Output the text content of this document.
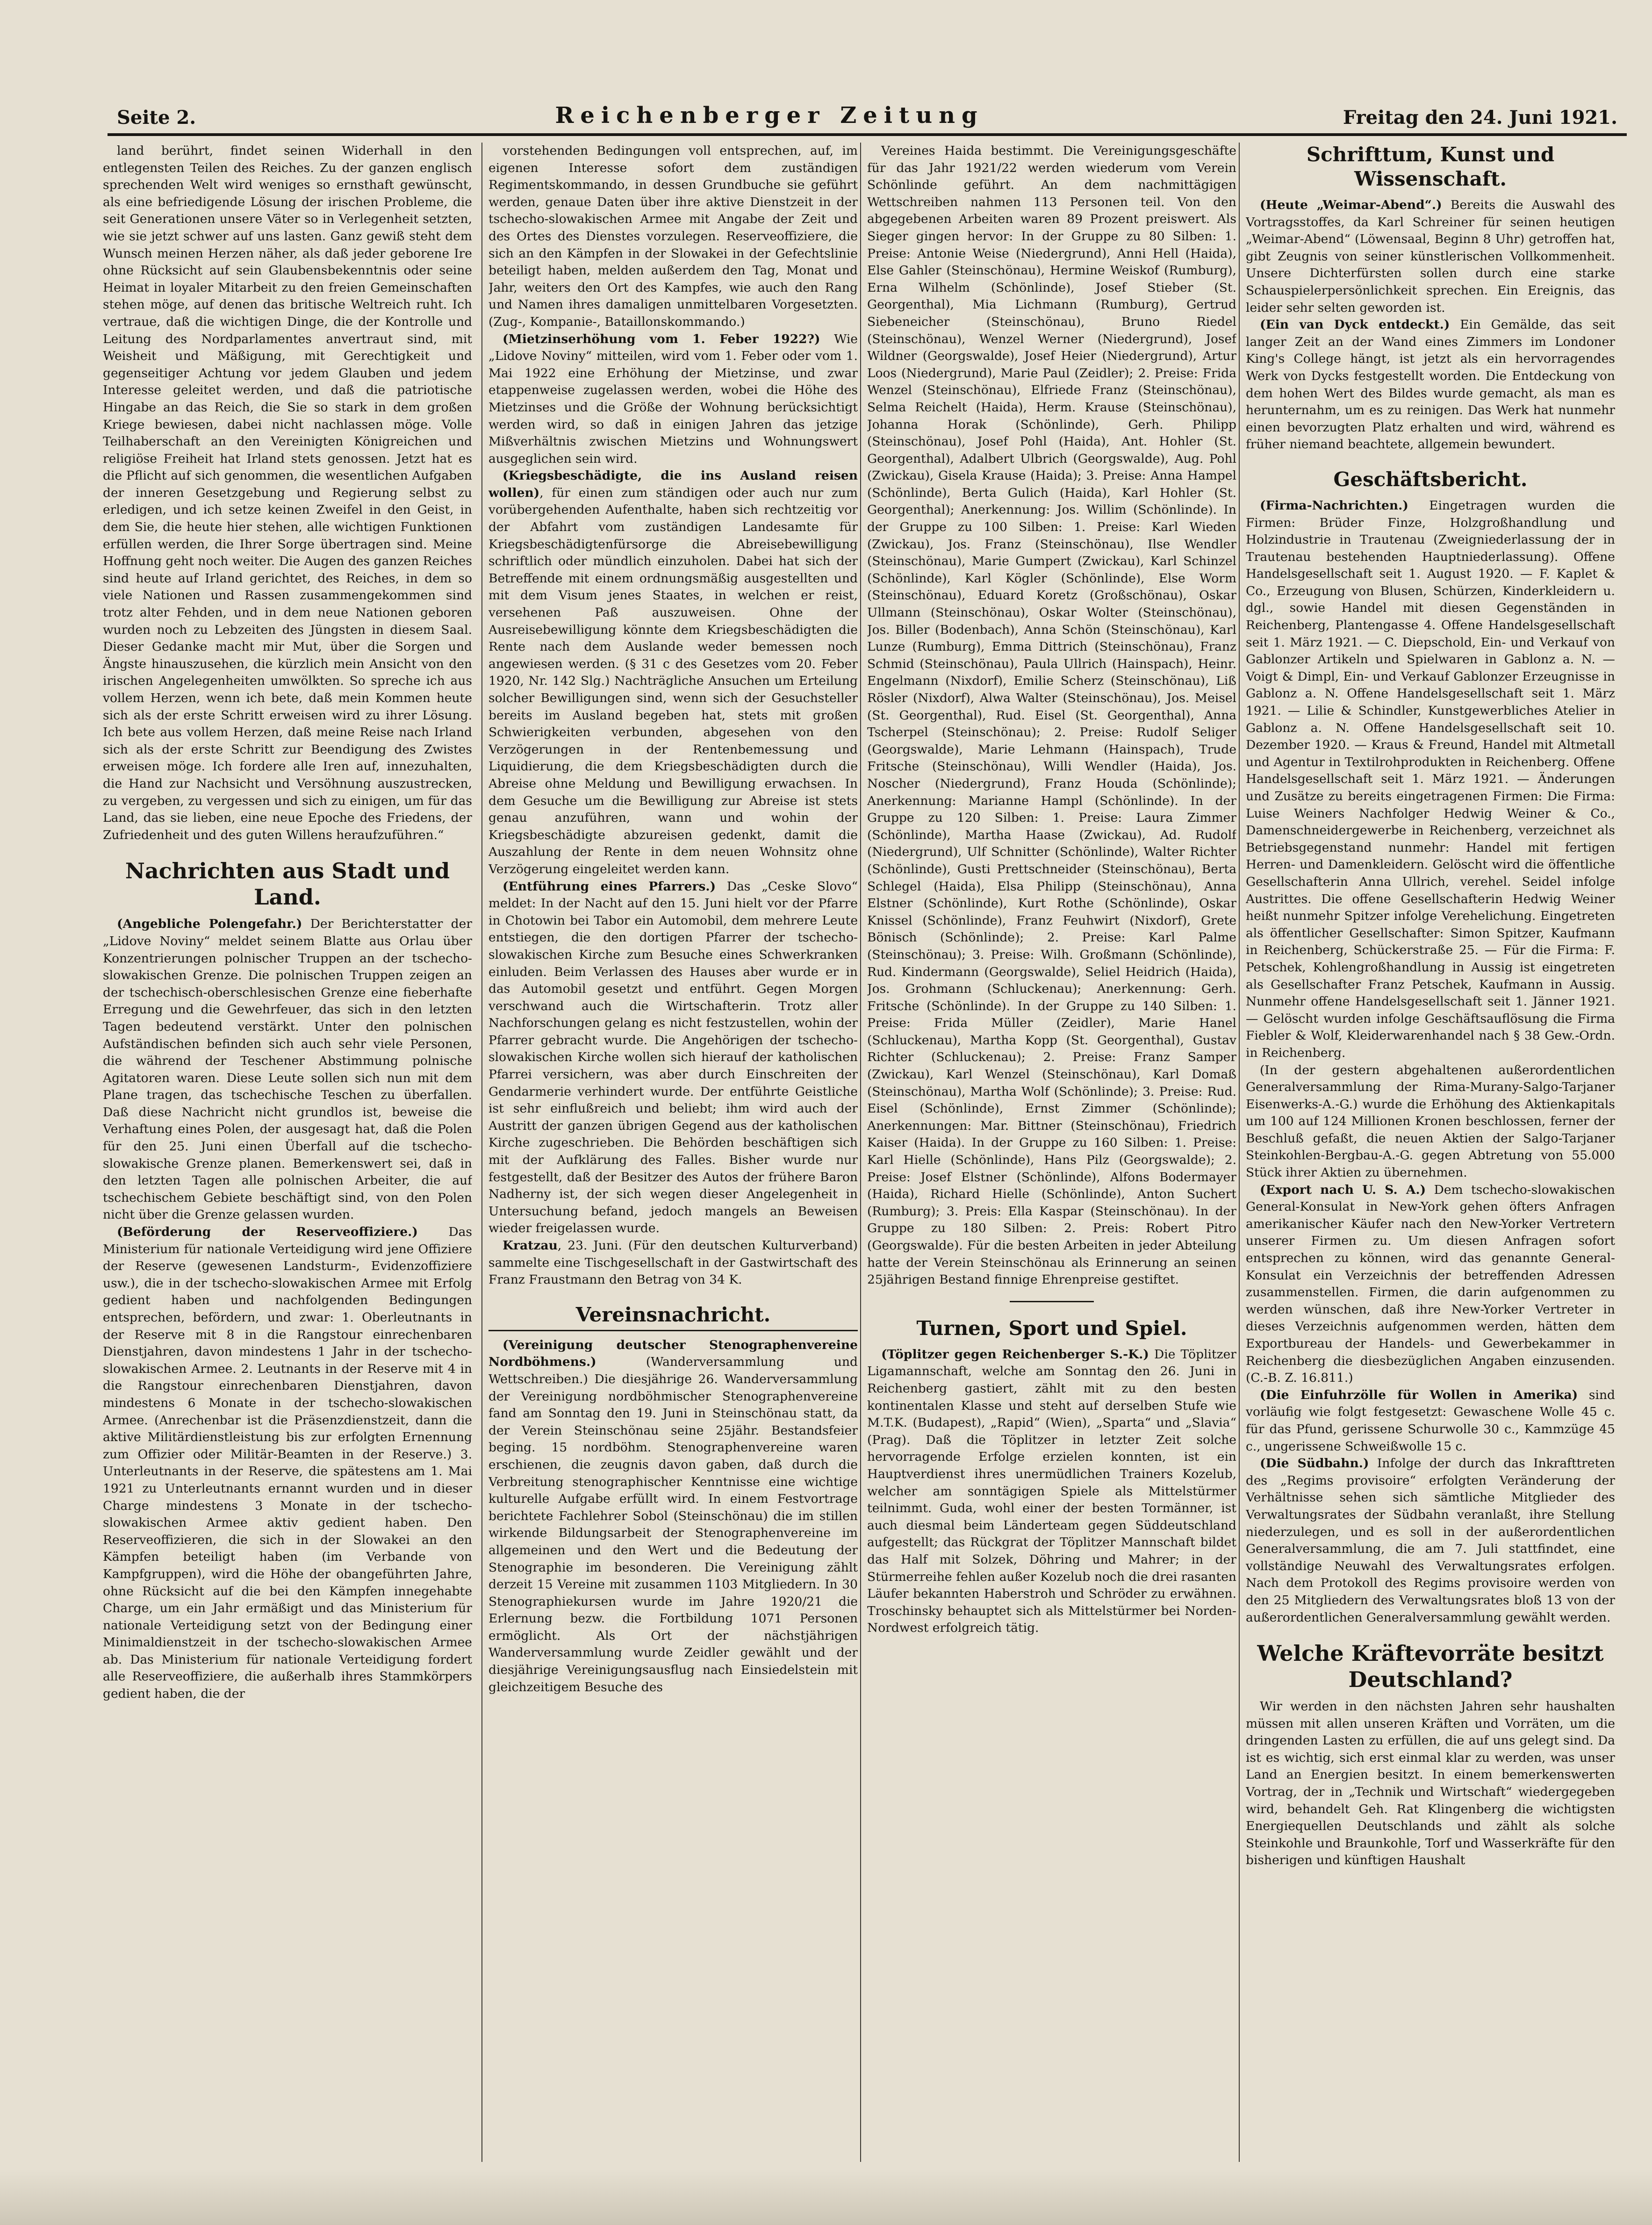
Seite 2.	Reichenberger Zeitung	Freitag den 24. Juni 1921.

land berührt, findet seinen Widerhall in den entlegensten Teilen des Reiches. Zu der ganzen englisch sprechenden Welt wird weniges so ernsthaft gewünscht, als eine befriedigende Lösung der irischen Probleme, die seit Generationen unsere Väter so in Verlegenheit setzten, wie sie jetzt schwer auf uns lasten. Ganz gewiß steht dem Wunsch meinen Herzen näher, als daß jeder geborene Ire ohne Rücksicht auf sein Glaubensbekenntnis oder seine Heimat in loyaler Mitarbeit zu den freien Gemeinschaften stehen möge, auf denen das britische Weltreich ruht. Ich vertraue, daß die wichtigen Dinge, die der Kontrolle und Leitung des Nordparlamentes anvertraut sind, mit Weisheit und Mäßigung, mit Gerechtigkeit und gegenseitiger Achtung vor jedem Glauben und jedem Interesse geleitet werden, und daß die patriotische Hingabe an das Reich, die Sie so stark in dem großen Kriege bewiesen, dabei nicht nachlassen möge. Volle Teilhaberschaft an den Vereinigten Königreichen und religiöse Freiheit hat Irland stets genossen. Jetzt hat es die Pflicht auf sich genommen, die wesentlichen Aufgaben der inneren Gesetzgebung und Regierung selbst zu erledigen, und ich setze keinen Zweifel in den Geist, in dem Sie, die heute hier stehen, alle wichtigen Funktionen erfüllen werden, die Ihrer Sorge übertragen sind. Meine Hoffnung geht noch weiter. Die Augen des ganzen Reiches sind heute auf Irland gerichtet, des Reiches, in dem so viele Nationen und Rassen zusammengekommen sind trotz alter Fehden, und in dem neue Nationen geboren wurden noch zu Lebzeiten des Jüngsten in diesem Saal. Dieser Gedanke macht mir Mut, über die Sorgen und Ängste hinauszusehen, die kürzlich mein Ansicht von den irischen Angelegenheiten umwölkten. So spreche ich aus vollem Herzen, wenn ich bete, daß mein Kommen heute sich als der erste Schritt erweisen wird zu ihrer Lösung. Ich bete aus vollem Herzen, daß meine Reise nach Irland sich als der erste Schritt zur Beendigung des Zwistes erweisen möge. Ich fordere alle Iren auf, innezuhalten, die Hand zur Nachsicht und Versöhnung auszustrecken, zu vergeben, zu vergessen und sich zu einigen, um für das Land, das sie lieben, eine neue Epoche des Friedens, der Zufriedenheit und des guten Willens heraufzuführen.“

Nachrichten aus Stadt und Land.

(Angebliche Polengefahr.) Der Berichterstatter der „Lidove Noviny“ meldet seinem Blatte aus Orlau über Konzentrierungen polnischer Truppen an der tschecho-slowakischen Grenze. Die polnischen Truppen zeigen an der tschechisch-oberschlesischen Grenze eine fieberhafte Erregung und die Gewehrfeuer, das sich in den letzten Tagen bedeutend verstärkt. Unter den polnischen Aufständischen befinden sich auch sehr viele Personen, die während der Teschener Abstimmung polnische Agitatoren waren. Diese Leute sollen sich nun mit dem Plane tragen, das tschechische Teschen zu überfallen. Daß diese Nachricht nicht grundlos ist, beweise die Verhaftung eines Polen, der ausgesagt hat, daß die Polen für den 25. Juni einen Überfall auf die tschecho-slowakische Grenze planen. Bemerkenswert sei, daß in den letzten Tagen alle polnischen Arbeiter, die auf tschechischem Gebiete beschäftigt sind, von den Polen nicht über die Grenze gelassen wurden.

(Beförderung der Reserveoffiziere.) Das Ministerium für nationale Verteidigung wird jene Offiziere der Reserve (gewesenen Landsturm-, Evidenzoffiziere usw.), die in der tschecho-slowakischen Armee mit Erfolg gedient haben und nachfolgenden Bedingungen entsprechen, befördern, und zwar: 1. Oberleutnants in der Reserve mit 8 in die Rangstour einrechenbaren Dienstjahren, davon mindestens 1 Jahr in der tschecho-slowakischen Armee. 2. Leutnants in der Reserve mit 4 in die Rangstour einrechenbaren Dienstjahren, davon mindestens 6 Monate in der tschecho-slowakischen Armee. (Anrechenbar ist die Präsenzdienstzeit, dann die aktive Militärdienstleistung bis zur erfolgten Ernennung zum Offizier oder Militär-Beamten in der Reserve.) 3. Unterleutnants in der Reserve, die spätestens am 1. Mai 1921 zu Unterleutnants ernannt wurden und in dieser Charge mindestens 3 Monate in der tschecho-slowakischen Armee aktiv gedient haben. Den Reserveoffizieren, die sich in der Slowakei an den Kämpfen beteiligt haben (im Verbande von Kampfgruppen), wird die Höhe der obangeführten Jahre, ohne Rücksicht auf die bei den Kämpfen innegehabte Charge, um ein Jahr ermäßigt und das Ministerium für nationale Verteidigung setzt von der Bedingung einer Minimaldienstzeit in der tschecho-slowakischen Armee ab. Das Ministerium für nationale Verteidigung fordert alle Reserveoffiziere, die außerhalb ihres Stammkörpers gedient haben, die der

vorstehenden Bedingungen voll entsprechen, auf, im eigenen Interesse sofort dem zuständigen Regimentskommando, in dessen Grundbuche sie geführt werden, genaue Daten über ihre aktive Dienstzeit in der tschecho-slowakischen Armee mit Angabe der Zeit und des Ortes des Dienstes vorzulegen. Reserveoffiziere, die sich an den Kämpfen in der Slowakei in der Gefechtslinie beteiligt haben, melden außerdem den Tag, Monat und Jahr, weiters den Ort des Kampfes, wie auch den Rang und Namen ihres damaligen unmittelbaren Vorgesetzten. (Zug-, Kompanie-, Bataillonskommando.)

(Mietzinserhöhung vom 1. Feber 1922?) Wie „Lidove Noviny“ mitteilen, wird vom 1. Feber oder vom 1. Mai 1922 eine Erhöhung der Mietzinse, und zwar etappenweise zugelassen werden, wobei die Höhe des Mietzinses und die Größe der Wohnung berücksichtigt werden wird, so daß in einigen Jahren das jetzige Mißverhältnis zwischen Mietzins und Wohnungswert ausgeglichen sein wird.

(Kriegsbeschädigte, die ins Ausland reisen wollen), für einen zum ständigen oder auch nur zum vorübergehenden Aufenthalte, haben sich rechtzeitig vor der Abfahrt vom zuständigen Landesamte für Kriegsbeschädigtenfürsorge die Abreisebewilligung schriftlich oder mündlich einzuholen. Dabei hat sich der Betreffende mit einem ordnungsmäßig ausgestellten und mit dem Visum jenes Staates, in welchen er reist, versehenen Paß auszuweisen. Ohne der Ausreisebewilligung könnte dem Kriegsbeschädigten die Rente nach dem Auslande weder bemessen noch angewiesen werden. (§ 31 c des Gesetzes vom 20. Feber 1920, Nr. 142 Slg.) Nachträgliche Ansuchen um Erteilung solcher Bewilligungen sind, wenn sich der Gesuchsteller bereits im Ausland begeben hat, stets mit großen Schwierigkeiten verbunden, abgesehen von den Verzögerungen in der Rentenbemessung und Liquidierung, die dem Kriegsbeschädigten durch die Abreise ohne Meldung und Bewilligung erwachsen. In dem Gesuche um die Bewilligung zur Abreise ist stets genau anzuführen, wann und wohin der Kriegsbeschädigte abzureisen gedenkt, damit die Auszahlung der Rente in dem neuen Wohnsitz ohne Verzögerung eingeleitet werden kann.

(Entführung eines Pfarrers.) Das „Ceske Slovo“ meldet: In der Nacht auf den 15. Juni hielt vor der Pfarre in Chotowin bei Tabor ein Automobil, dem mehrere Leute entstiegen, die den dortigen Pfarrer der tschecho-slowakischen Kirche zum Besuche eines Schwerkranken einluden. Beim Verlassen des Hauses aber wurde er in das Automobil gesetzt und entführt. Gegen Morgen verschwand auch die Wirtschafterin. Trotz aller Nachforschungen gelang es nicht festzustellen, wohin der Pfarrer gebracht wurde. Die Angehörigen der tschecho-slowakischen Kirche wollen sich hierauf der katholischen Pfarrei versichern, was aber durch Einschreiten der Gendarmerie verhindert wurde. Der entführte Geistliche ist sehr einflußreich und beliebt; ihm wird auch der Austritt der ganzen übrigen Gegend aus der katholischen Kirche zugeschrieben. Die Behörden beschäftigen sich mit der Aufklärung des Falles. Bisher wurde nur festgestellt, daß der Besitzer des Autos der frühere Baron Nadherny ist, der sich wegen dieser Angelegenheit in Untersuchung befand, jedoch mangels an Beweisen wieder freigelassen wurde.

Kratzau, 23. Juni. (Für den deutschen Kulturverband) sammelte eine Tischgesellschaft in der Gastwirtschaft des Franz Fraustmann den Betrag von 34 K.

Vereinsnachricht.

(Vereinigung deutscher Stenographenvereine Nordböhmens.)	(Wanderversammlung und Wettschreiben.) Die diesjährige 26. Wanderversammlung der Vereinigung nordböhmischer Stenographenvereine fand am Sonntag den 19. Juni in Steinschönau statt, da der Verein Steinschönau seine 25jähr. Bestandsfeier beging. 15 nordböhm. Stenographenvereine waren erschienen, die zeugnis davon gaben, daß durch die Verbreitung stenographischer Kenntnisse eine wichtige kulturelle Aufgabe erfüllt wird. In einem Festvortrage berichtete Fachlehrer Sobol (Steinschönau) die im stillen wirkende Bildungsarbeit der Stenographenvereine im allgemeinen und den Wert und die Bedeutung der Stenographie im besonderen. Die Vereinigung zählt derzeit 15 Vereine mit zusammen 1103 Mitgliedern. In 30 Stenographiekursen wurde im Jahre 1920/21 die Erlernung bezw. die Fortbildung 1071 Personen ermöglicht. Als Ort der nächstjährigen Wanderversammlung wurde Zeidler gewählt und der diesjährige Vereinigungsausflug nach Einsiedelstein mit gleichzeitigem Besuche des

Vereines Haida bestimmt. Die Vereinigungsgeschäfte für das Jahr 1921/22 werden wiederum vom Verein Schönlinde geführt. An dem nachmittägigen Wettschreiben nahmen 113 Personen teil. Von den abgegebenen Arbeiten waren 89 Prozent preiswert. Als Sieger gingen hervor: In der Gruppe zu 80 Silben: 1. Preise: Antonie Weise (Niedergrund), Anni Hell (Haida), Else Gahler (Steinschönau), Hermine Weiskof (Rumburg), Erna Wilhelm (Schönlinde), Josef Stieber (St. Georgenthal), Mia Lichmann (Rumburg), Gertrud Siebeneicher (Steinschönau), Bruno Riedel (Steinschönau), Wenzel Werner (Niedergrund), Josef Wildner (Georgswalde), Josef Heier (Niedergrund), Artur Loos (Niedergrund), Marie Paul (Zeidler); 2. Preise: Frida Wenzel (Steinschönau), Elfriede Franz (Steinschönau), Selma Reichelt (Haida), Herm. Krause (Steinschönau), Johanna Horak (Schönlinde), Gerh. Philipp (Steinschönau), Josef Pohl (Haida), Ant. Hohler (St. Georgenthal), Adalbert Ulbrich (Georgswalde), Aug. Pohl (Zwickau), Gisela Krause (Haida); 3. Preise: Anna Hampel (Schönlinde), Berta Gulich (Haida), Karl Hohler (St. Georgenthal); Anerkennung: Jos. Willim (Schönlinde). In der Gruppe zu 100 Silben: 1. Preise: Karl Wieden (Zwickau), Jos. Franz (Steinschönau), Ilse Wendler (Steinschönau), Marie Gumpert (Zwickau), Karl Schinzel (Schönlinde), Karl Kögler (Schönlinde), Else Worm (Steinschönau), Eduard Koretz (Großschönau), Oskar Ullmann (Steinschönau), Oskar Wolter (Steinschönau), Jos. Biller (Bodenbach), Anna Schön (Steinschönau), Karl Lunze (Rumburg), Emma Dittrich (Steinschönau), Franz Schmid (Steinschönau), Paula Ullrich (Hainspach), Heinr. Engelmann (Nixdorf), Emilie Scherz (Steinschönau), Liß Rösler (Nixdorf), Alwa Walter (Steinschönau), Jos. Meisel (St. Georgenthal), Rud. Eisel (St. Georgenthal), Anna Tscherpel (Steinschönau); 2. Preise: Rudolf Seliger (Georgswalde), Marie Lehmann (Hainspach), Trude Fritsche (Steinschönau), Willi Wendler (Haida), Jos. Noscher (Niedergrund), Franz Houda (Schönlinde); Anerkennung: Marianne Hampl (Schönlinde). In der Gruppe zu 120 Silben: 1. Preise: Laura Zimmer (Schönlinde), Martha Haase (Zwickau), Ad. Rudolf (Niedergrund), Ulf Schnitter (Schönlinde), Walter Richter (Schönlinde), Gusti Prettschneider (Steinschönau), Berta Schlegel (Haida), Elsa Philipp (Steinschönau), Anna Elstner (Schönlinde), Kurt Rothe (Schönlinde), Oskar Knissel (Schönlinde), Franz Feuhwirt (Nixdorf), Grete Bönisch (Schönlinde); 2. Preise: Karl Palme (Steinschönau); 3. Preise: Wilh. Großmann (Schönlinde), Rud. Kindermann (Georgswalde), Seliel Heidrich (Haida), Jos. Grohmann (Schluckenau); Anerkennung: Gerh. Fritsche (Schönlinde). In der Gruppe zu 140 Silben: 1. Preise: Frida Müller (Zeidler), Marie Hanel (Schluckenau), Martha Kopp (St. Georgenthal), Gustav Richter (Schluckenau); 2. Preise: Franz Samper (Zwickau), Karl Wenzel (Steinschönau), Karl Domaß (Steinschönau), Martha Wolf (Schönlinde); 3. Preise: Rud. Eisel (Schönlinde), Ernst Zimmer (Schönlinde); Anerkennungen: Mar. Bittner (Steinschönau), Friedrich Kaiser (Haida). In der Gruppe zu 160 Silben: 1. Preise: Karl Hielle (Schönlinde), Hans Pilz (Georgswalde); 2. Preise: Josef Elstner (Schönlinde), Alfons Bodermayer (Haida), Richard Hielle (Schönlinde), Anton Suchert (Rumburg); 3. Preis: Ella Kaspar (Steinschönau). In der Gruppe zu 180 Silben: 2. Preis: Robert Pitro (Georgswalde). Für die besten Arbeiten in jeder Abteilung hatte der Verein Steinschönau als Erinnerung an seinen 25jährigen Bestand finnige Ehrenpreise gestiftet.

Turnen, Sport und Spiel.

(Töplitzer gegen Reichenberger S.-K.) Die Töplitzer Ligamannschaft, welche am Sonntag den 26. Juni in Reichenberg gastiert, zählt mit zu den besten kontinentalen Klasse und steht auf derselben Stufe wie M.T.K. (Budapest), „Rapid“ (Wien), „Sparta“ und „Slavia“ (Prag). Daß die Töplitzer in letzter Zeit solche hervorragende Erfolge erzielen konnten, ist ein Hauptverdienst ihres unermüdlichen Trainers Kozelub, welcher am sonntägigen Spiele als Mittelstürmer teilnimmt. Guda, wohl einer der besten Tormänner, ist auch diesmal beim Länderteam gegen Süddeutschland aufgestellt; das Rückgrat der Töplitzer Mannschaft bildet das Half mit Solzek, Döhring und Mahrer; in der Stürmerreihe fehlen außer Kozelub noch die drei rasanten Läufer bekannten Haberstroh und Schröder zu erwähnen. Troschinsky behauptet sich als Mittelstürmer bei Norden-Nordwest erfolgreich tätig.

Schrifttum, Kunst und Wissenschaft.

(Heute „Weimar-Abend“.) Bereits die Auswahl des Vortragsstoffes, da Karl Schreiner für seinen heutigen „Weimar-Abend“ (Löwensaal, Beginn 8 Uhr) getroffen hat, gibt Zeugnis von seiner künstlerischen Vollkommenheit. Unsere Dichterfürsten sollen durch eine starke Schauspielerpersönlichkeit sprechen. Ein Ereignis, das leider sehr selten geworden ist.

(Ein van Dyck entdeckt.) Ein Gemälde, das seit langer Zeit an der Wand eines Zimmers im Londoner King's College hängt, ist jetzt als ein hervorragendes Werk von Dycks festgestellt worden. Die Entdeckung von dem hohen Wert des Bildes wurde gemacht, als man es herunternahm, um es zu reinigen. Das Werk hat nunmehr einen bevorzugten Platz erhalten und wird, während es früher niemand beachtete, allgemein bewundert.

Geschäftsbericht.

(Firma-Nachrichten.) Eingetragen wurden die Firmen: Brüder Finze, Holzgroßhandlung und Holzindustrie in Trautenau (Zweigniederlassung der in Trautenau bestehenden Hauptniederlassung). Offene Handelsgesellschaft seit 1. August 1920. — F. Kaplet & Co., Erzeugung von Blusen, Schürzen, Kinderkleidern u. dgl., sowie Handel mit diesen Gegenständen in Reichenberg, Plantengasse 4. Offene Handelsgesellschaft seit 1. März 1921. — C. Diepschold, Ein- und Verkauf von Gablonzer Artikeln und Spielwaren in Gablonz a. N. — Voigt & Dimpl, Ein- und Verkauf Gablonzer Erzeugnisse in Gablonz a. N. Offene Handelsgesellschaft seit 1. März 1921. — Lilie & Schindler, Kunstgewerbliches Atelier in Gablonz a. N. Offene Handelsgesellschaft seit 10. Dezember 1920. — Kraus & Freund, Handel mit Altmetall und Agentur in Textilrohprodukten in Reichenberg. Offene Handelsgesellschaft seit 1. März 1921. — Änderungen und Zusätze zu bereits eingetragenen Firmen: Die Firma: Luise Weiners Nachfolger Hedwig Weiner & Co., Damenschneidergewerbe in Reichenberg, verzeichnet als Betriebsgegenstand nunmehr: Handel mit fertigen Herren- und Damenkleidern. Gelöscht wird die öffentliche Gesellschafterin Anna Ullrich, verehel. Seidel infolge Austrittes. Die offene Gesellschafterin Hedwig Weiner heißt nunmehr Spitzer infolge Verehelichung. Eingetreten als öffentlicher Gesellschafter: Simon Spitzer, Kaufmann in Reichenberg, Schückerstraße 25. — Für die Firma: F. Petschek, Kohlengroßhandlung in Aussig ist eingetreten als Gesellschafter Franz Petschek, Kaufmann in Aussig. Nunmehr offene Handelsgesellschaft seit 1. Jänner 1921. — Gelöscht wurden infolge Geschäftsauflösung die Firma Fiebler & Wolf, Kleiderwarenhandel nach § 38 Gew.-Ordn. in Reichenberg.

(In der gestern abgehaltenen außerordentlichen Generalversammlung der Rima-Murany-Salgo-Tarjaner Eisenwerks-A.-G.) wurde die Erhöhung des Aktienkapitals um 100 auf 124 Millionen Kronen beschlossen, ferner der Beschluß gefaßt, die neuen Aktien der Salgo-Tarjaner Steinkohlen-Bergbau-A.-G. gegen Abtretung von 55.000 Stück ihrer Aktien zu übernehmen.

(Export nach U. S. A.) Dem tschecho-slowakischen General-Konsulat in New-York gehen öfters Anfragen amerikanischer Käufer nach den New-Yorker Vertretern unserer Firmen zu. Um diesen Anfragen sofort entsprechen zu können, wird das genannte General-Konsulat ein Verzeichnis der betreffenden Adressen zusammenstellen. Firmen, die darin aufgenommen zu werden wünschen, daß ihre New-Yorker Vertreter in dieses Verzeichnis aufgenommen werden, hätten dem Exportbureau der Handels- und Gewerbekammer in Reichenberg die diesbezüglichen Angaben einzusenden. (C.-B. Z. 16.811.)

(Die Einfuhrzölle für Wollen in Amerika) sind vorläufig wie folgt festgesetzt: Gewaschene Wolle 45 c. für das Pfund, gerissene Schurwolle 30 c., Kammzüge 45 c., ungerissene Schweißwolle 15 c.

(Die Südbahn.) Infolge der durch das Inkrafttreten des „Regims provisoire“ erfolgten Veränderung der Verhältnisse sehen sich sämtliche Mitglieder des Verwaltungsrates der Südbahn veranlaßt, ihre Stellung niederzulegen, und es soll in der außerordentlichen Generalversammlung, die am 7. Juli stattfindet, eine vollständige Neuwahl des Verwaltungsrates erfolgen. Nach dem Protokoll des Regims provisoire werden von den 25 Mitgliedern des Verwaltungsrates bloß 13 von der außerordentlichen Generalversammlung gewählt werden.

Welche Kräftevorräte besitzt Deutschland?

Wir werden in den nächsten Jahren sehr haushalten müssen mit allen unseren Kräften und Vorräten, um die dringenden Lasten zu erfüllen, die auf uns gelegt sind. Da ist es wichtig, sich erst einmal klar zu werden, was unser Land an Energien besitzt. In einem bemerkenswerten Vortrag, der in „Technik und Wirtschaft“ wiedergegeben wird, behandelt Geh. Rat Klingenberg die wichtigsten Energiequellen Deutschlands und zählt als solche Steinkohle und Braunkohle, Torf und Wasserkräfte für den bisherigen und künftigen Haushalt
